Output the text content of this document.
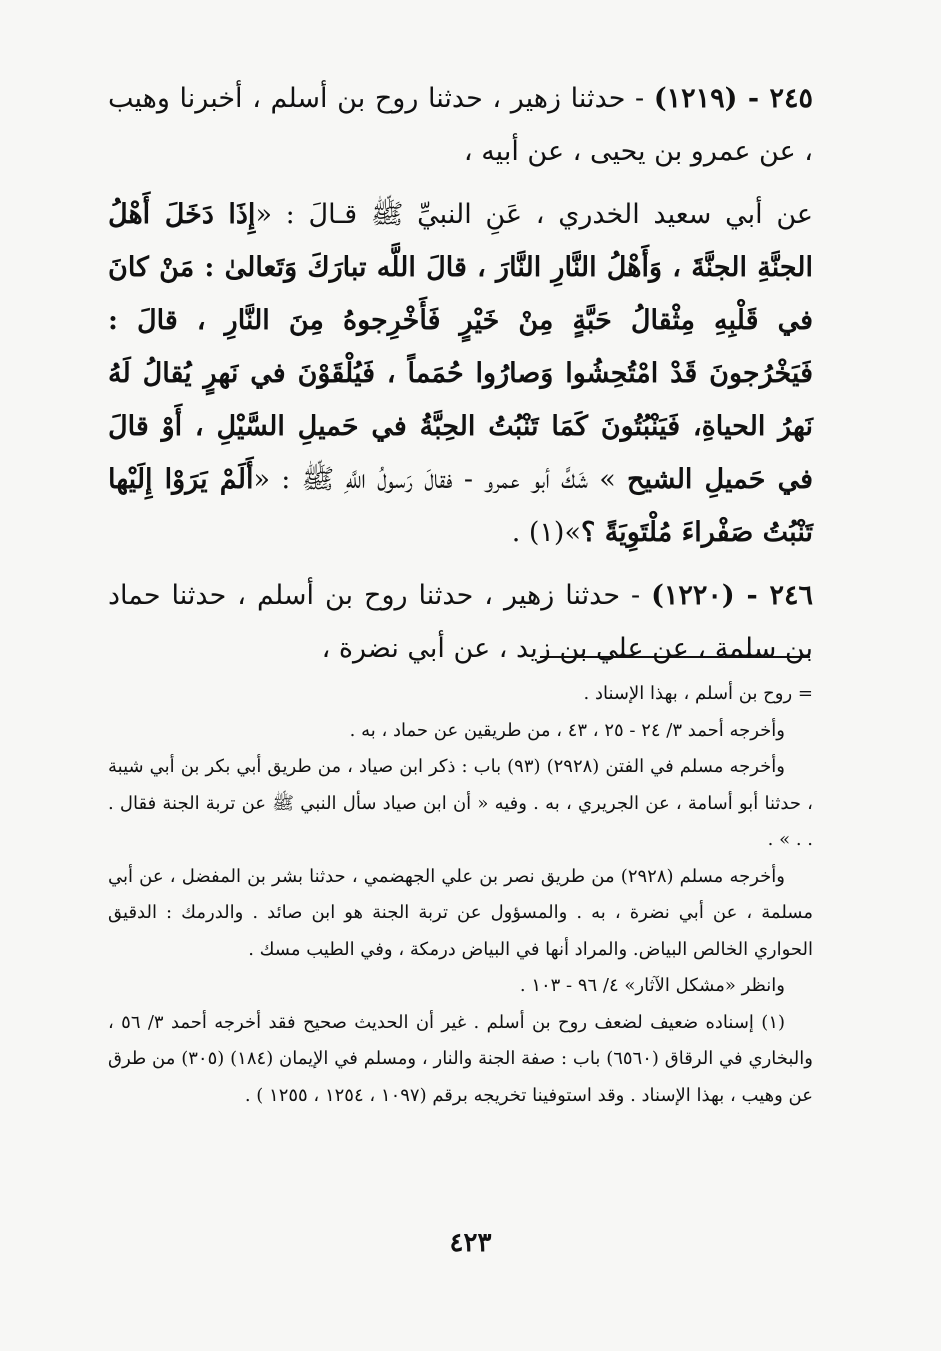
٢٤٥ - (١٢١٩) - حدثنا زهير ، حدثنا روح بن أسلم ، أخبرنا وهيب ، عن عمرو بن يحيى ، عن أبيه ،

عن أبي سعيد الخدري ، عَنِ النبيِّ ﷺ قـالَ : «إِذَا دَخَلَ أَهْلُ الجنَّةِ الجنَّةَ ، وَأَهْلُ النَّارِ النَّارَ ، قالَ اللَّه تبارَكَ وَتَعالىٰ : مَنْ كانَ في قَلْبِهِ مِثْقالُ حَبَّةٍ مِنْ خَيْرٍ فَأَخْرِجوهُ مِنَ النَّارِ ، قالَ : فَيَخْرُجونَ قَدْ امْتُحِشُوا وَصارُوا حُمَماً ، فَيُلْقَوْنَ في نَهرٍ يُقالُ لَهُ نَهرُ الحياةِ، فَيَنْبُتُونَ كَمَا تَنْبُتُ الحِبَّةُ في حَميلِ السَّيْلِ ، أَوْ قالَ في حَميلِ الشيح » شَكَّ أبو عمرو - فقالَ رَسولُ اللَّهِ ﷺ : «أَلَمْ يَرَوْا إِلَيْها تَنْبُتُ صَفْراءَ مُلْتَوِيَةً ؟»(١) .

٢٤٦ - (١٢٢٠) - حدثنا زهير ، حدثنا روح بن أسلم ، حدثنا حماد بن سلمة ، عن علي بن زيد ، عن أبي نضرة ،

= روح بن أسلم ، بهذا الإسناد .

وأخرجه أحمد ٣/ ٢٤ - ٢٥ ، ٤٣ ، من طريقين عن حماد ، به .

وأخرجه مسلم في الفتن (٢٩٢٨) (٩٣) باب : ذكر ابن صياد ، من طريق أبي بكر بن أبي شيبة ، حدثنا أبو أسامة ، عن الجريري ، به . وفيه « أن ابن صياد سأل النبي ﷺ عن تربة الجنة فقال . . . » .

وأخرجه مسلم (٢٩٢٨) من طريق نصر بن علي الجهضمي ، حدثنا بشر بن المفضل ، عن أبي مسلمة ، عن أبي نضرة ، به . والمسؤول عن تربة الجنة هو ابن صائد . والدرمك : الدقيق الحواري الخالص البياض. والمراد أنها في البياض درمكة ، وفي الطيب مسك .

وانظر «مشكل الآثار» ٤/ ٩٦ - ١٠٣ .

(١) إسناده ضعيف لضعف روح بن أسلم . غير أن الحديث صحيح فقد أخرجه أحمد ٣/ ٥٦ ، والبخاري في الرقاق (٦٥٦٠) باب : صفة الجنة والنار ، ومسلم في الإيمان (١٨٤) (٣٠٥) من طرق عن وهيب ، بهذا الإسناد . وقد استوفينا تخريجه برقم (١٠٩٧ ، ١٢٥٤ ، ١٢٥٥ ) .

٤٢٣
